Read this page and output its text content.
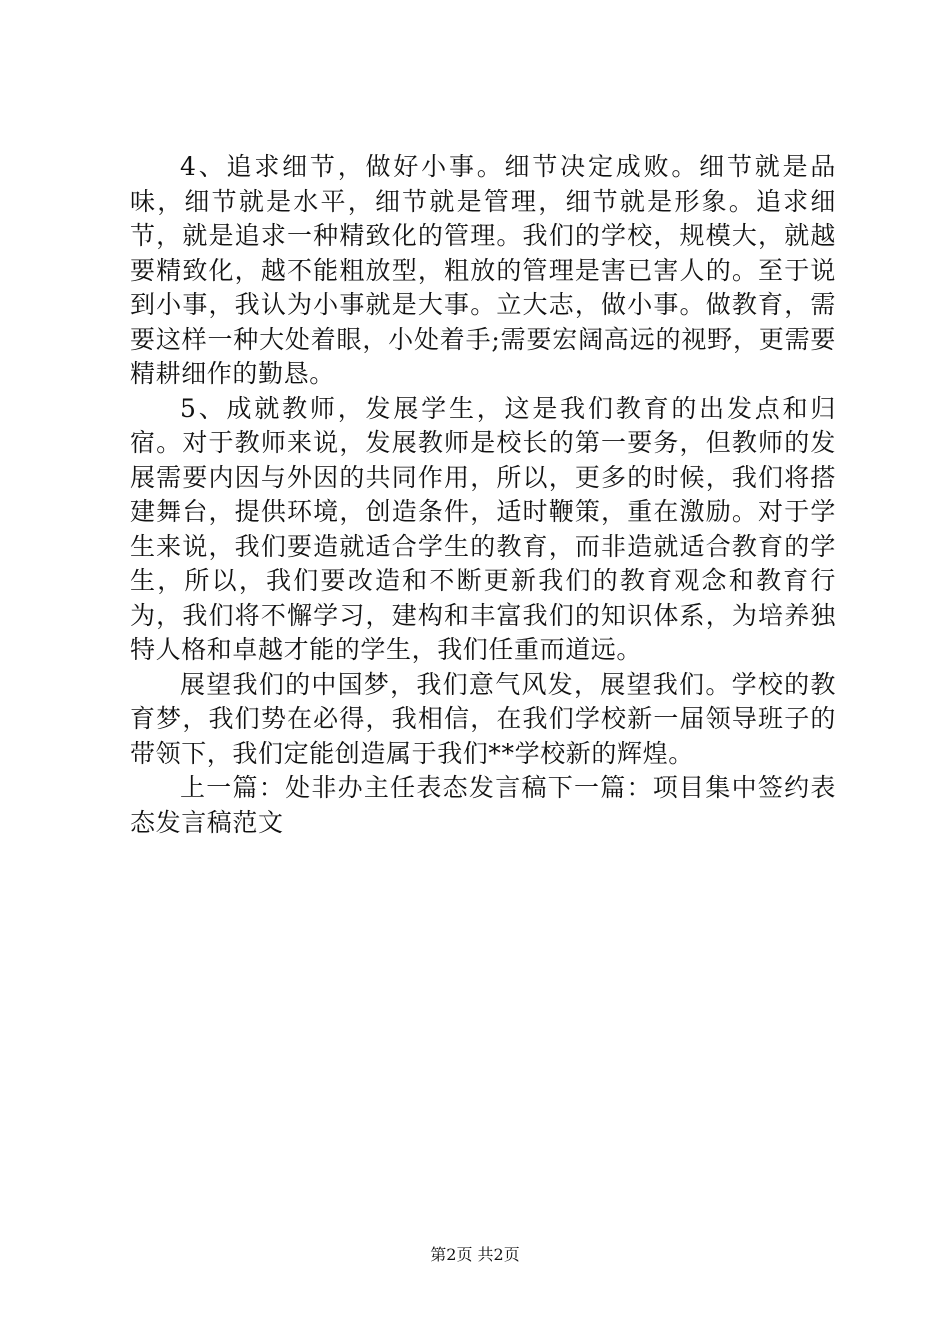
4、追求细节，做好小事。细节决定成败。细节就是品味，细节就是水平，细节就是管理，细节就是形象。追求细节，就是追求一种精致化的管理。我们的学校，规模大，就越要精致化，越不能粗放型，粗放的管理是害已害人的。至于说到小事，我认为小事就是大事。立大志，做小事。做教育，需要这样一种大处着眼，小处着手;需要宏阔高远的视野，更需要精耕细作的勤恳。

5、成就教师，发展学生，这是我们教育的出发点和归宿。对于教师来说，发展教师是校长的第一要务，但教师的发展需要内因与外因的共同作用，所以，更多的时候，我们将搭建舞台，提供环境，创造条件，适时鞭策，重在激励。对于学生来说，我们要造就适合学生的教育，而非造就适合教育的学生，所以，我们要改造和不断更新我们的教育观念和教育行为，我们将不懈学习，建构和丰富我们的知识体系，为培养独特人格和卓越才能的学生，我们任重而道远。

展望我们的中国梦，我们意气风发，展望我们。学校的教育梦，我们势在必得，我相信，在我们学校新一届领导班子的带领下，我们定能创造属于我们**学校新的辉煌。

上一篇：处非办主任表态发言稿下一篇：项目集中签约表态发言稿范文

第2页 共2页
